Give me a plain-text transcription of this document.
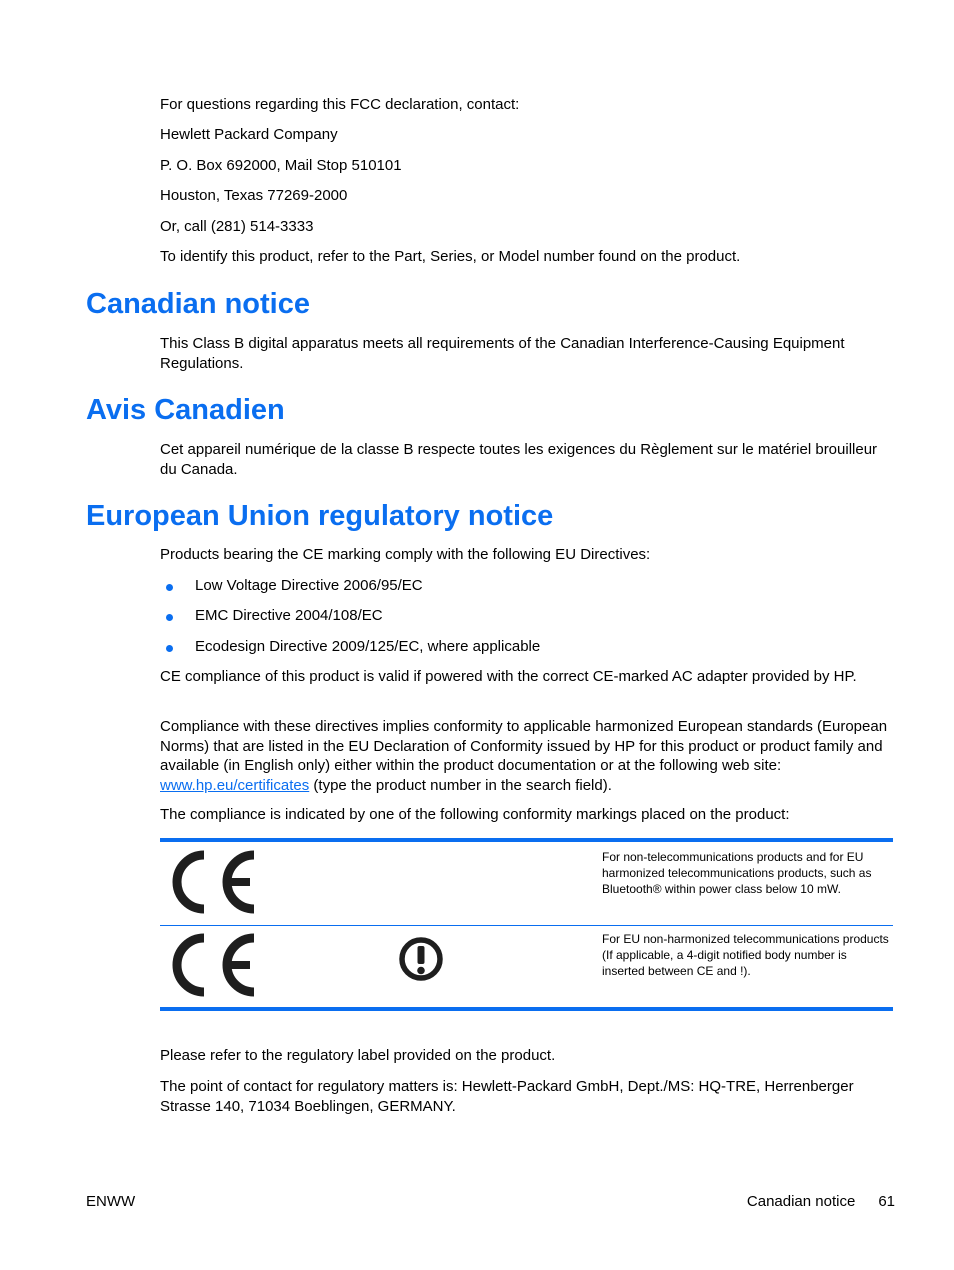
For questions regarding this FCC declaration, contact:

Hewlett Packard Company

P. O. Box 692000, Mail Stop 510101

Houston, Texas 77269-2000

Or, call (281) 514-3333

To identify this product, refer to the Part, Series, or Model number found on the product.

Canadian notice

This Class B digital apparatus meets all requirements of the Canadian Interference-Causing Equipment Regulations.

Avis Canadien

Cet appareil numérique de la classe B respecte toutes les exigences du Règlement sur le matériel brouilleur du Canada.

European Union regulatory notice

Products bearing the CE marking comply with the following EU Directives:

Low Voltage Directive 2006/95/EC
EMC Directive 2004/108/EC
Ecodesign Directive 2009/125/EC, where applicable

CE compliance of this product is valid if powered with the correct CE-marked AC adapter provided by HP.

Compliance with these directives implies conformity to applicable harmonized European standards (European Norms) that are listed in the EU Declaration of Conformity issued by HP for this product or product family and available (in English only) either within the product documentation or at the following web site: www.hp.eu/certificates (type the product number in the search field).

The compliance is indicated by one of the following conformity markings placed on the product:

For non-telecommunications products and for EU harmonized telecommunications products, such as Bluetooth® within power class below 10 mW.

For EU non-harmonized telecommunications products (If applicable, a 4-digit notified body number is inserted between CE and !).

Please refer to the regulatory label provided on the product.

The point of contact for regulatory matters is: Hewlett-Packard GmbH, Dept./MS: HQ-TRE, Herrenberger Strasse 140, 71034 Boeblingen, GERMANY.

ENWW	Canadian notice 61
